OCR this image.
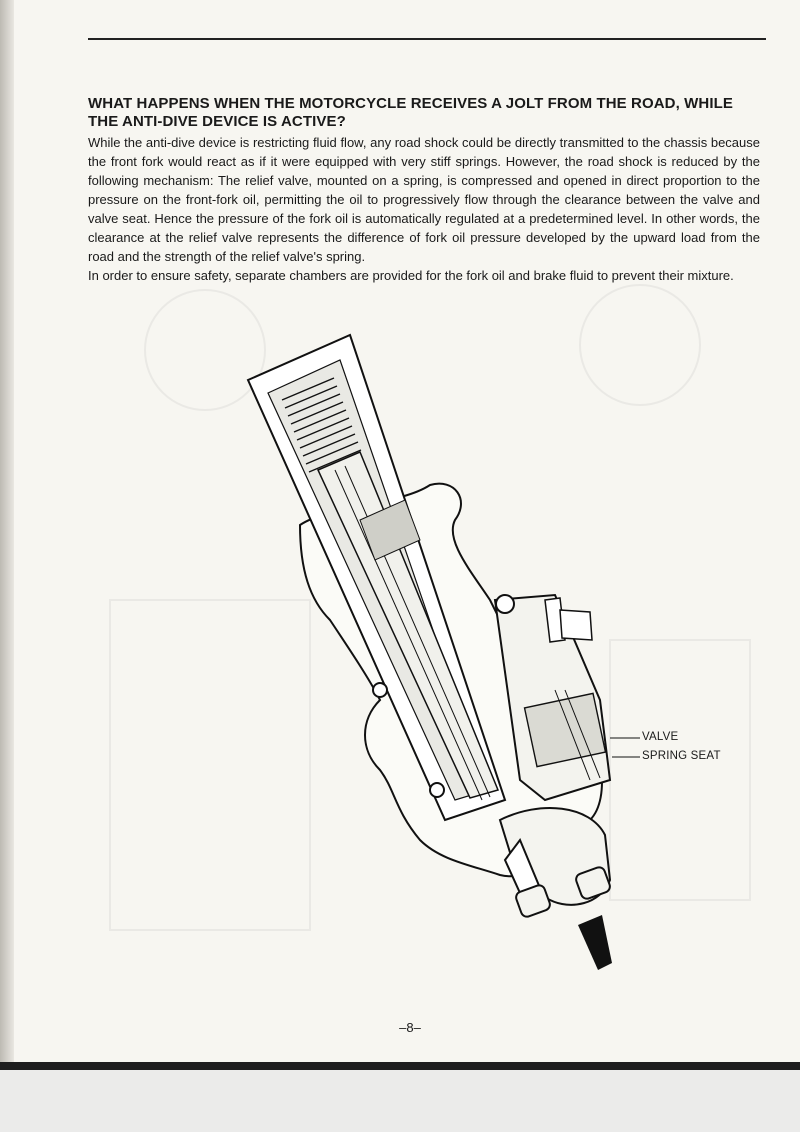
WHAT HAPPENS WHEN THE MOTORCYCLE RECEIVES A JOLT FROM THE ROAD, WHILE THE ANTI-DIVE DEVICE IS ACTIVE?

While the anti-dive device is restricting fluid flow, any road shock could be directly transmitted to the chassis because the front fork would react as if it were equipped with very stiff springs. However, the road shock is reduced by the following mechanism: The relief valve, mounted on a spring, is compressed and opened in direct proportion to the pressure on the front-fork oil, permitting the oil to progressively flow through the clearance between the valve and valve seat. Hence the pressure of the fork oil is automatically regulated at a predetermined level. In other words, the clearance at the relief valve represents the difference of fork oil pressure developed by the upward load from the road and the strength of the relief valve's spring.

In order to ensure safety, separate chambers are provided for the fork oil and brake fluid to prevent their mixture.

VALVE
SPRING SEAT
–8–
